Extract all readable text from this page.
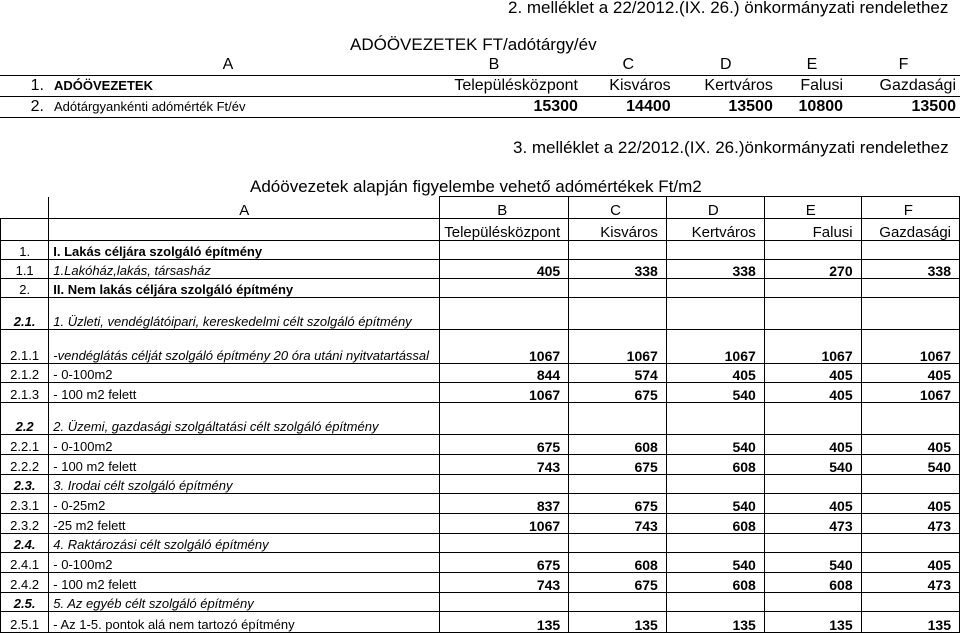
2. melléklet a 22/2012.(IX. 26.) önkormányzati rendelethez
ADÓÖVEZETEK FT/adótárgy/év
	A	B	C	D	E	F
1.	ADÓÖVEZETEK	Településközpont	Kisváros	Kertváros	Falusi	Gazdasági
2.	Adótárgyankénti adómérték Ft/év	15300	14400	13500	10800	13500
3. melléklet a 22/2012.(IX. 26.)önkormányzati rendelethez
Adóövezetek alapján figyelembe vehető adómértékek Ft/m2
	A	B	C	D	E	F
		Településközpont	Kisváros	Kertváros	Falusi	Gazdasági
1.	I. Lakás céljára szolgáló építmény					
1.1	1.Lakóház,lakás, társasház	405	338	338	270	338
2.	II. Nem lakás céljára szolgáló építmény					
2.1.	1. Üzleti, vendéglátóipari, kereskedelmi célt szolgáló építmény					
2.1.1	-vendéglátás célját szolgáló építmény 20 óra utáni nyitvatartással	1067	1067	1067	1067	1067
2.1.2	- 0-100m2	844	574	405	405	405
2.1.3	- 100 m2 felett	1067	675	540	405	1067
2.2	2. Üzemi, gazdasági szolgáltatási célt szolgáló építmény					
2.2.1	- 0-100m2	675	608	540	405	405
2.2.2	- 100 m2 felett	743	675	608	540	540
2.3.	3. Irodai célt szolgáló építmény					
2.3.1	- 0-25m2	837	675	540	405	405
2.3.2	-25 m2 felett	1067	743	608	473	473
2.4.	4. Raktározási célt szolgáló építmény					
2.4.1	- 0-100m2	675	608	540	540	405
2.4.2	- 100 m2 felett	743	675	608	608	473
2.5.	5. Az egyéb célt szolgáló építmény					
2.5.1	- Az 1-5. pontok alá nem tartozó építmény	135	135	135	135	135
